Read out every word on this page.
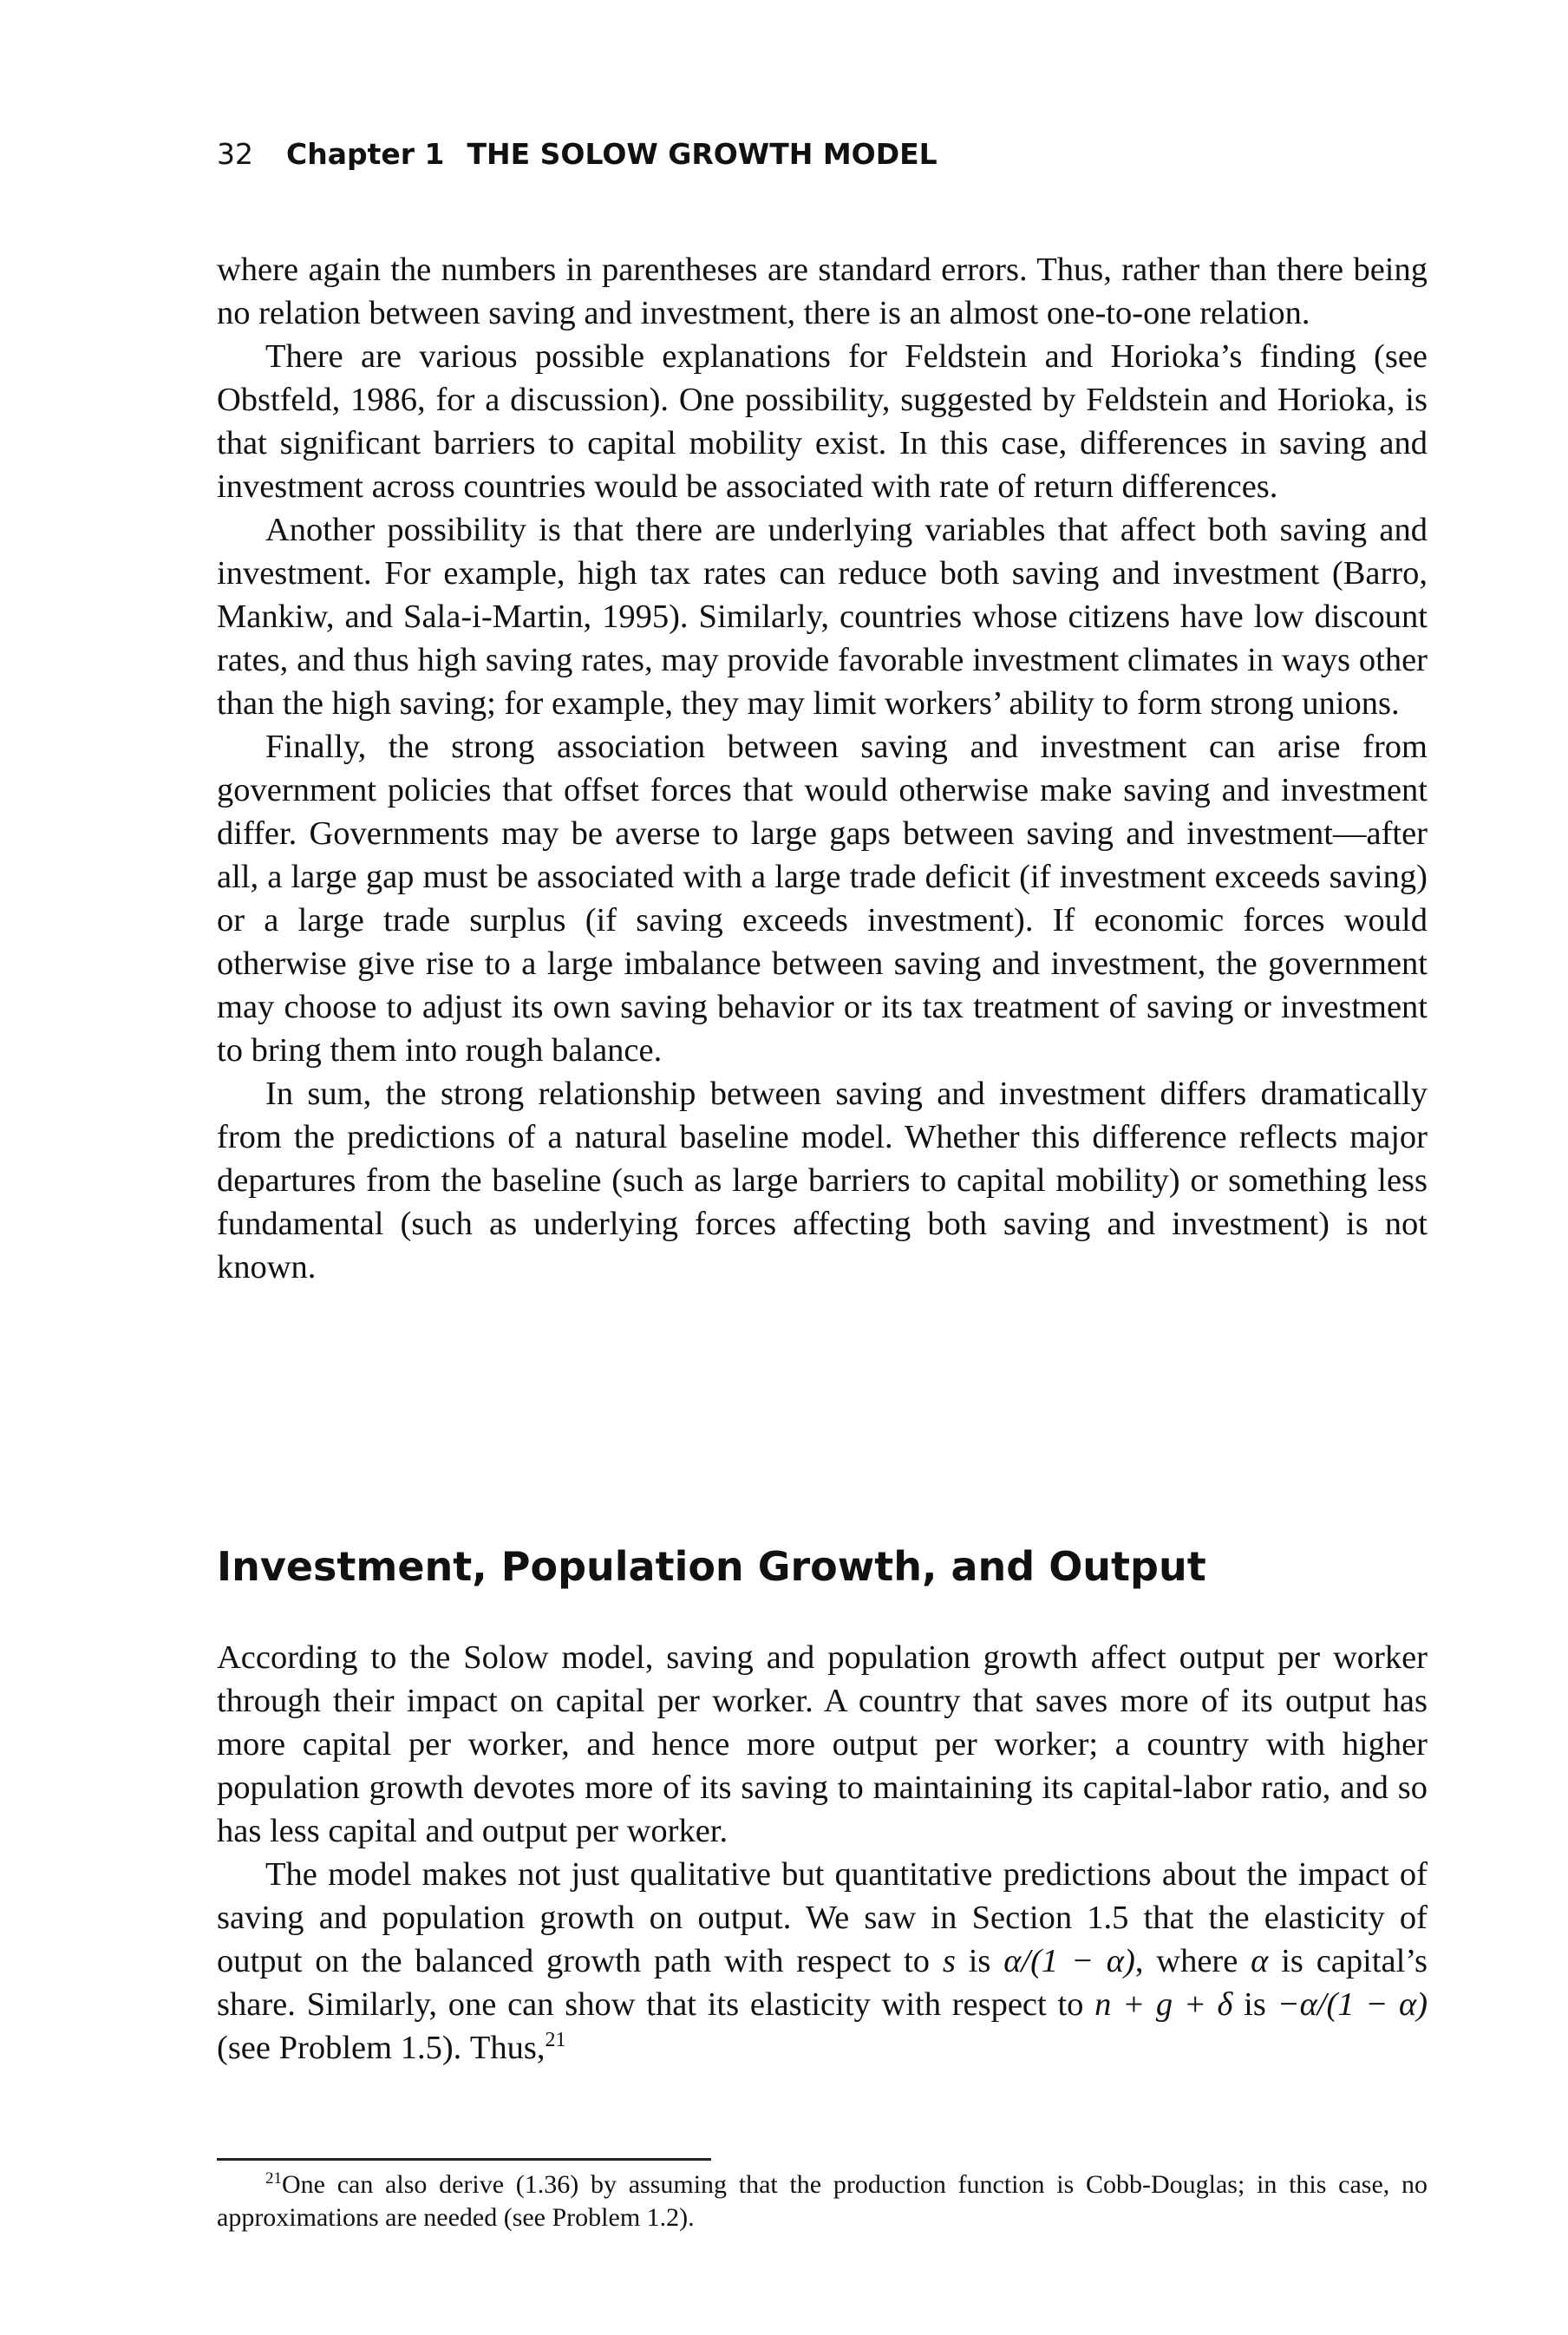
32 Chapter 1 THE SOLOW GROWTH MODEL

where again the numbers in parentheses are standard errors. Thus, rather than there being no relation between saving and investment, there is an almost one-to-one relation.

There are various possible explanations for Feldstein and Horioka’s finding (see Obstfeld, 1986, for a discussion). One possibility, suggested by Feldstein and Horioka, is that significant barriers to capital mobility exist. In this case, differences in saving and investment across countries would be associated with rate of return differences.

Another possibility is that there are underlying variables that affect both saving and investment. For example, high tax rates can reduce both saving and investment (Barro, Mankiw, and Sala-i-Martin, 1995). Similarly, countries whose citizens have low discount rates, and thus high saving rates, may provide favorable investment climates in ways other than the high saving; for example, they may limit workers’ ability to form strong unions.

Finally, the strong association between saving and investment can arise from government policies that offset forces that would otherwise make saving and investment differ. Governments may be averse to large gaps between saving and investment—after all, a large gap must be associated with a large trade deficit (if investment exceeds saving) or a large trade surplus (if saving exceeds investment). If economic forces would otherwise give rise to a large imbalance between saving and investment, the government may choose to adjust its own saving behavior or its tax treatment of saving or investment to bring them into rough balance.

In sum, the strong relationship between saving and investment differs dramatically from the predictions of a natural baseline model. Whether this difference reflects major departures from the baseline (such as large barriers to capital mobility) or something less fundamental (such as underlying forces affecting both saving and investment) is not known.

Investment, Population Growth, and Output

According to the Solow model, saving and population growth affect output per worker through their impact on capital per worker. A country that saves more of its output has more capital per worker, and hence more output per worker; a country with higher population growth devotes more of its saving to maintaining its capital-labor ratio, and so has less capital and output per worker.

The model makes not just qualitative but quantitative predictions about the impact of saving and population growth on output. We saw in Section 1.5 that the elasticity of output on the balanced growth path with respect to s is α/(1 − α), where α is capital’s share. Similarly, one can show that its elasticity with respect to n + g + δ is −α/(1 − α) (see Problem 1.5). Thus,$^{21}$

$^{21}$One can also derive (1.36) by assuming that the production function is Cobb-Douglas; in this case, no approximations are needed (see Problem 1.2).
